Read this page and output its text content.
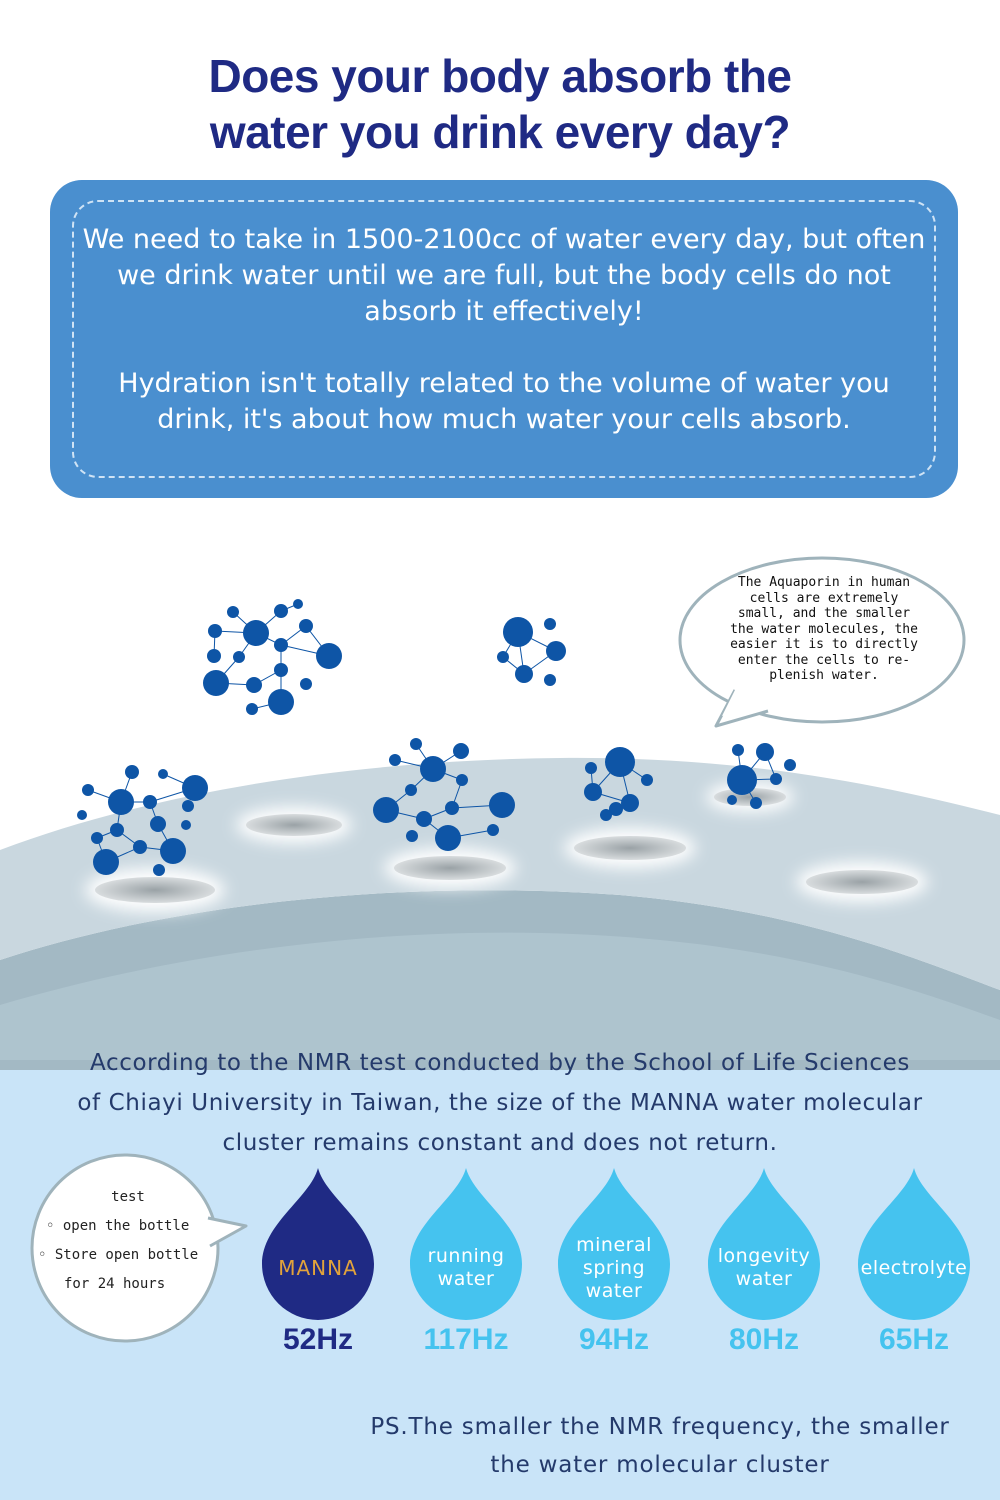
Does your body absorb the
water you drink every day?

We need to take in 1500-2100cc of water every day, but often we drink water until we are full, but the body cells do not absorb it effectively!

Hydration isn't totally related to the volume of water you drink, it's about how much water your cells absorb.

The Aquaporin in human
cells are extremely
small, and the smaller
the water molecules, the
easier it is to directly
enter the cells to re-
plenish water.
According to the NMR test conducted by the School of Life Sciences
of Chiayi University in Taiwan, the size of the MANNA water molecular
cluster remains constant and does not return.
test
◦ open the bottle
◦ Store open bottle
for 24 hours
MANNA
52Hz
running
water
117Hz
mineral
spring
water
94Hz
longevity
water
80Hz
electrolyte
65Hz
PS.The smaller the NMR frequency, the smaller
the water molecular cluster
